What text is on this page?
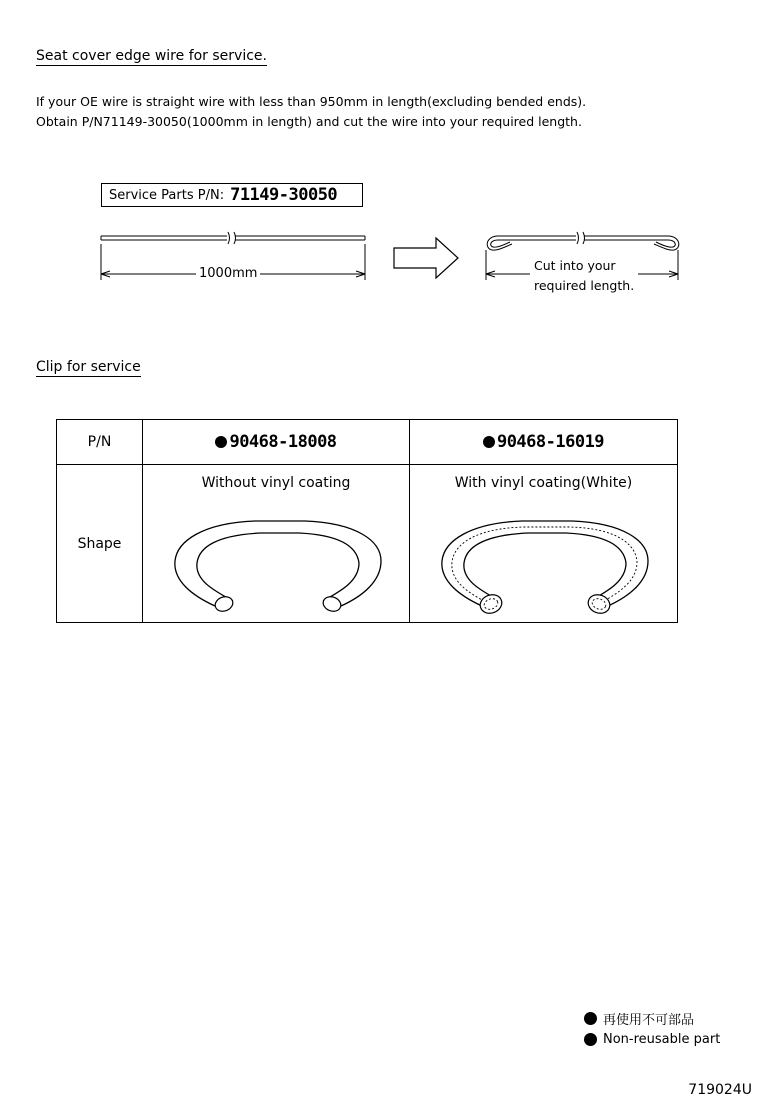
Seat cover edge wire for service.
If your OE wire is straight wire with less than 950mm in length(excluding bended ends).
Obtain P/N71149-30050(1000mm in length) and cut the wire into your required length.
Service Parts P/N: 71149-30050
1000mm
Cut into your
required length.
Clip for service
P/N	90468-18008	90468-16019
Shape	Without vinyl coating	With vinyl coating(White)
再使用不可部品
Non-reusable part
719024U
